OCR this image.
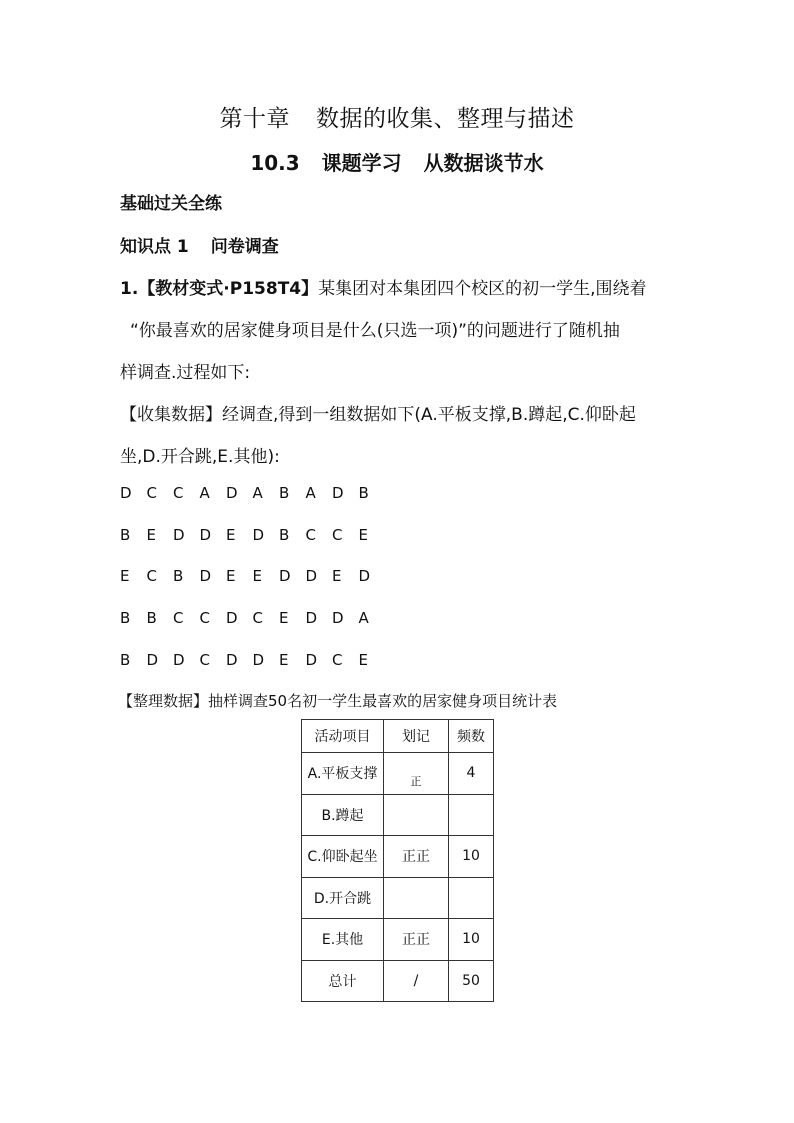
第十章 数据的收集、整理与描述
10.3 课题学习 从数据谈节水
基础过关全练
知识点 1 问卷调查
1.【教材变式·P158T4】某集团对本集团四个校区的初一学生,围绕着
“你最喜欢的居家健身项目是什么(只选一项)”的问题进行了随机抽
样调查.过程如下:
【收集数据】经调查,得到一组数据如下(A.平板支撑,B.蹲起,C.仰卧起
坐,D.开合跳,E.其他):
D C C A D A B A D B
B E D D E D B C C E
E C B D E E D D E D
B B C C D C E D D A
B D D C D D E D C E
【整理数据】抽样调查50名初一学生最喜欢的居家健身项目统计表
活动项目	划记	频数
A.平板支撑	$_正$	4
B.蹲起		
C.仰卧起坐	正正	10
D.开合跳		
E.其他	正正	10
总计	/	50
